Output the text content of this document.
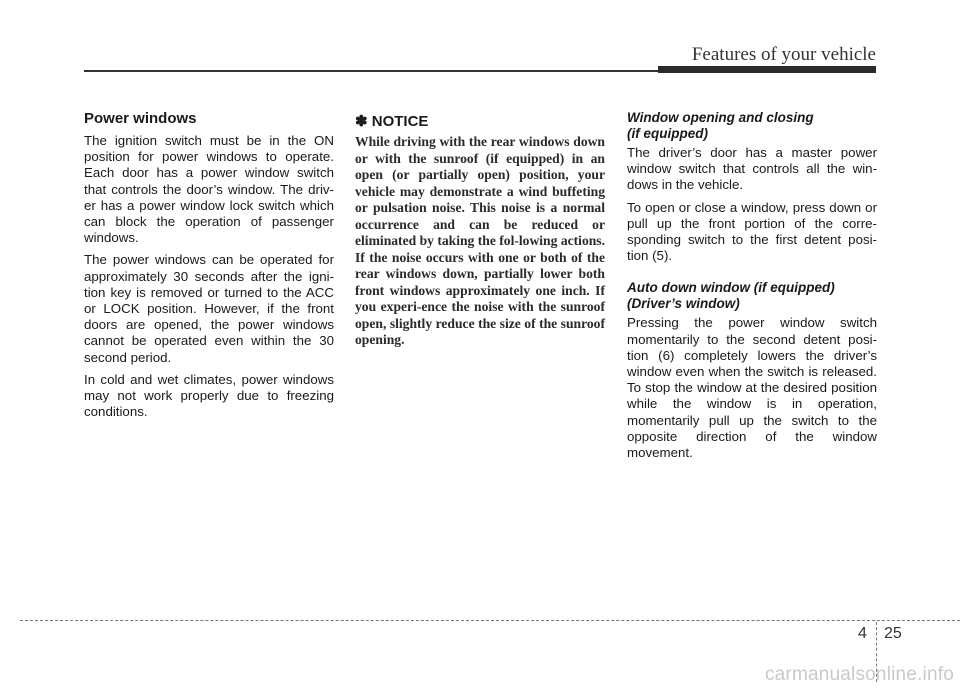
Features of your vehicle
Power windows

The ignition switch must be in the ON position for power windows to operate. Each door has a power window switch that controls the door’s window. The driv-er has a power window lock switch which can block the operation of passenger windows.

The power windows can be operated for approximately 30 seconds after the igni-tion key is removed or turned to the ACC or LOCK position. However, if the front doors are opened, the power windows cannot be operated even within the 30 second period.

In cold and wet climates, power windows may not work properly due to freezing conditions.

✽ NOTICE

While driving with the rear windows down or with the sunroof (if equipped) in an open (or partially open) position, your vehicle may demonstrate a wind buffeting or pulsation noise. This noise is a normal occurrence and can be reduced or eliminated by taking the fol-lowing actions. If the noise occurs with one or both of the rear windows down, partially lower both front windows approximately one inch. If you experi-ence the noise with the sunroof open, slightly reduce the size of the sunroof opening.

Window opening and closing
(if equipped)

The driver’s door has a master power window switch that controls all the win-dows in the vehicle.

To open or close a window, press down or pull up the front portion of the corre-sponding switch to the first detent posi-tion (5).

Auto down window (if equipped)
(Driver’s window)

Pressing the power window switch momentarily to the second detent posi-tion (6) completely lowers the driver’s window even when the switch is released. To stop the window at the desired position while the window is in operation, momentarily pull up the switch to the opposite direction of the window movement.

4 25
carmanualsonline.info
